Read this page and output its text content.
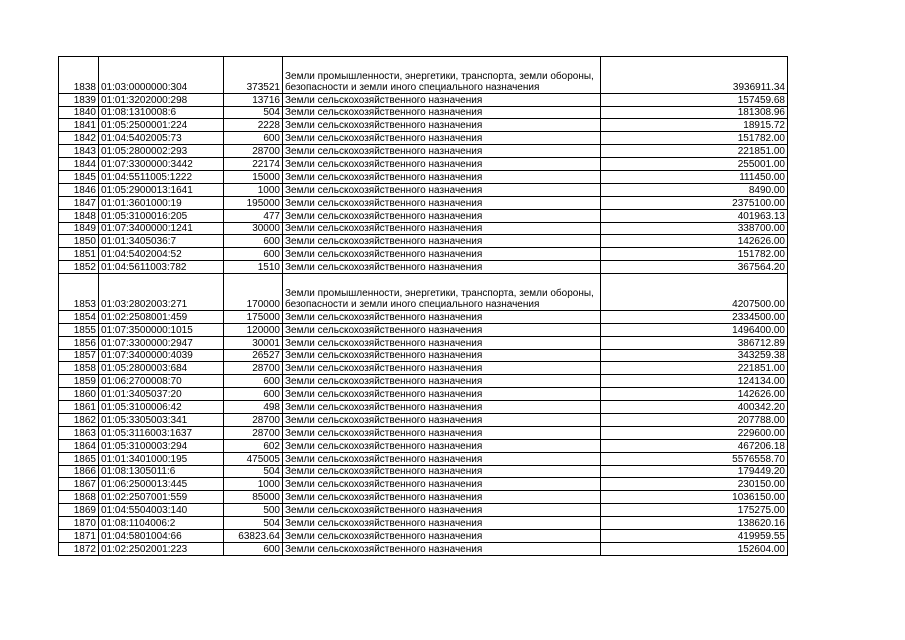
1838	01:03:0000000:304	373521	Земли промышленности, энергетики, транспорта, земли обороны, безопасности и земли иного специального назначения	3936911.34
1839	01:01:3202000:298	13716	Земли сельскохозяйственного назначения	157459.68
1840	01:08:1310008:6	504	Земли сельскохозяйственного назначения	181308.96
1841	01:05:2500001:224	2228	Земли сельскохозяйственного назначения	18915.72
1842	01:04:5402005:73	600	Земли сельскохозяйственного назначения	151782.00
1843	01:05:2800002:293	28700	Земли сельскохозяйственного назначения	221851.00
1844	01:07:3300000:3442	22174	Земли сельскохозяйственного назначения	255001.00
1845	01:04:5511005:1222	15000	Земли сельскохозяйственного назначения	111450.00
1846	01:05:2900013:1641	1000	Земли сельскохозяйственного назначения	8490.00
1847	01:01:3601000:19	195000	Земли сельскохозяйственного назначения	2375100.00
1848	01:05:3100016:205	477	Земли сельскохозяйственного назначения	401963.13
1849	01:07:3400000:1241	30000	Земли сельскохозяйственного назначения	338700.00
1850	01:01:3405036:7	600	Земли сельскохозяйственного назначения	142626.00
1851	01:04:5402004:52	600	Земли сельскохозяйственного назначения	151782.00
1852	01:04:5611003:782	1510	Земли сельскохозяйственного назначения	367564.20
1853	01:03:2802003:271	170000	Земли промышленности, энергетики, транспорта, земли обороны, безопасности и земли иного специального назначения	4207500.00
1854	01:02:2508001:459	175000	Земли сельскохозяйственного назначения	2334500.00
1855	01:07:3500000:1015	120000	Земли сельскохозяйственного назначения	1496400.00
1856	01:07:3300000:2947	30001	Земли сельскохозяйственного назначения	386712.89
1857	01:07:3400000:4039	26527	Земли сельскохозяйственного назначения	343259.38
1858	01:05:2800003:684	28700	Земли сельскохозяйственного назначения	221851.00
1859	01:06:2700008:70	600	Земли сельскохозяйственного назначения	124134.00
1860	01:01:3405037:20	600	Земли сельскохозяйственного назначения	142626.00
1861	01:05:3100006:42	498	Земли сельскохозяйственного назначения	400342.20
1862	01:05:3305003:341	28700	Земли сельскохозяйственного назначения	207788.00
1863	01:05:3116003:1637	28700	Земли сельскохозяйственного назначения	229600.00
1864	01:05:3100003:294	602	Земли сельскохозяйственного назначения	467206.18
1865	01:01:3401000:195	475005	Земли сельскохозяйственного назначения	5576558.70
1866	01:08:1305011:6	504	Земли сельскохозяйственного назначения	179449.20
1867	01:06:2500013:445	1000	Земли сельскохозяйственного назначения	230150.00
1868	01:02:2507001:559	85000	Земли сельскохозяйственного назначения	1036150.00
1869	01:04:5504003:140	500	Земли сельскохозяйственного назначения	175275.00
1870	01:08:1104006:2	504	Земли сельскохозяйственного назначения	138620.16
1871	01:04:5801004:66	63823.64	Земли сельскохозяйственного назначения	419959.55
1872	01:02:2502001:223	600	Земли сельскохозяйственного назначения	152604.00
